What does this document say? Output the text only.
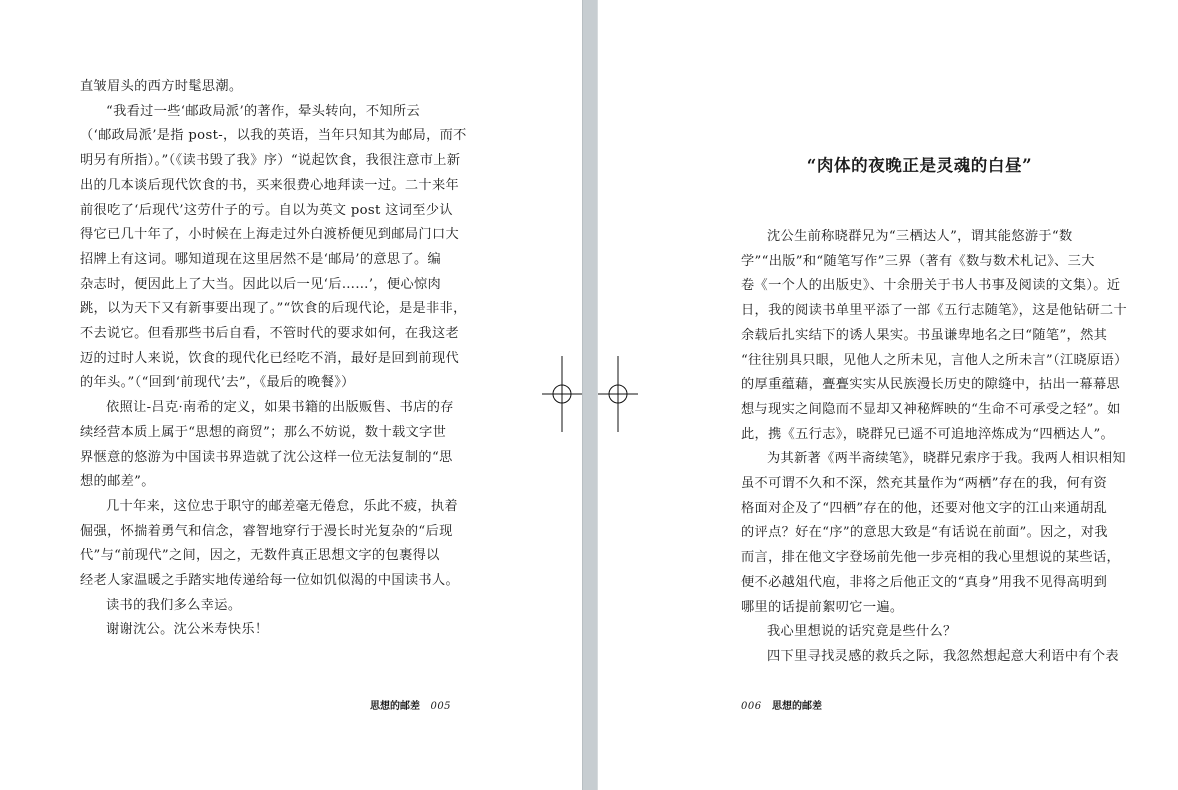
直皱眉头的西方时髦思潮。
“我看过一些‘邮政局派’的著作，晕头转向，不知所云
（‘邮政局派’是指 post-，以我的英语，当年只知其为邮局，而不
明另有所指）。”（《读书毁了我》序）“说起饮食，我很注意市上新
出的几本谈后现代饮食的书，买来很费心地拜读一过。二十来年
前很吃了‘后现代’这劳什子的亏。自以为英文 post 这词至少认
得它已几十年了，小时候在上海走过外白渡桥便见到邮局门口大
招牌上有这词。哪知道现在这里居然不是‘邮局’的意思了。编
杂志时，便因此上了大当。因此以后一见‘后……’，便心惊肉
跳，以为天下又有新事要出现了。”“饮食的后现代论，是是非非，
不去说它。但看那些书后自看，不管时代的要求如何，在我这老
迈的过时人来说，饮食的现代化已经吃不消，最好是回到前现代
的年头。”（“回到‘前现代’去”，《最后的晚餐》）
依照让-吕克·南希的定义，如果书籍的出版贩售、书店的存
续经营本质上属于“思想的商贸”；那么不妨说，数十载文字世
界惬意的悠游为中国读书界造就了沈公这样一位无法复制的“思
想的邮差”。
几十年来，这位忠于职守的邮差毫无倦怠，乐此不疲，执着
倔强，怀揣着勇气和信念，睿智地穿行于漫长时光复杂的“后现
代”与“前现代”之间，因之，无数件真正思想文字的包裹得以
经老人家温暖之手踏实地传递给每一位如饥似渴的中国读书人。
读书的我们多么幸运。
谢谢沈公。沈公米寿快乐！
思想的邮差 005
“肉体的夜晚正是灵魂的白昼”
沈公生前称晓群兄为“三栖达人”，谓其能悠游于“数
学”“出版”和“随笔写作”三界（著有《数与数术札记》、三大
卷《一个人的出版史》、十余册关于书人书事及阅读的文集）。近
日，我的阅读书单里平添了一部《五行志随笔》，这是他钻研二十
余载后扎实结下的诱人果实。书虽谦卑地名之曰“随笔”，然其
“往往别具只眼，见他人之所未见，言他人之所未言”（江晓原语）
的厚重蕴藉，亹亹实实从民族漫长历史的隙缝中，拈出一幕幕思
想与现实之间隐而不显却又神秘辉映的“生命不可承受之轻”。如
此，携《五行志》，晓群兄已遥不可追地淬炼成为“四栖达人”。
为其新著《两半斋续笔》，晓群兄索序于我。我两人相识相知
虽不可谓不久和不深，然充其量作为“两栖”存在的我，何有资
格面对企及了“四栖”存在的他，还要对他文字的江山来通胡乱
的评点？好在“序”的意思大致是“有话说在前面”。因之，对我
而言，排在他文字登场前先他一步亮相的我心里想说的某些话，
便不必越俎代庖，非将之后他正文的“真身”用我不见得高明到
哪里的话提前絮叨它一遍。
我心里想说的话究竟是些什么？
四下里寻找灵感的救兵之际，我忽然想起意大利语中有个表
006 思想的邮差
